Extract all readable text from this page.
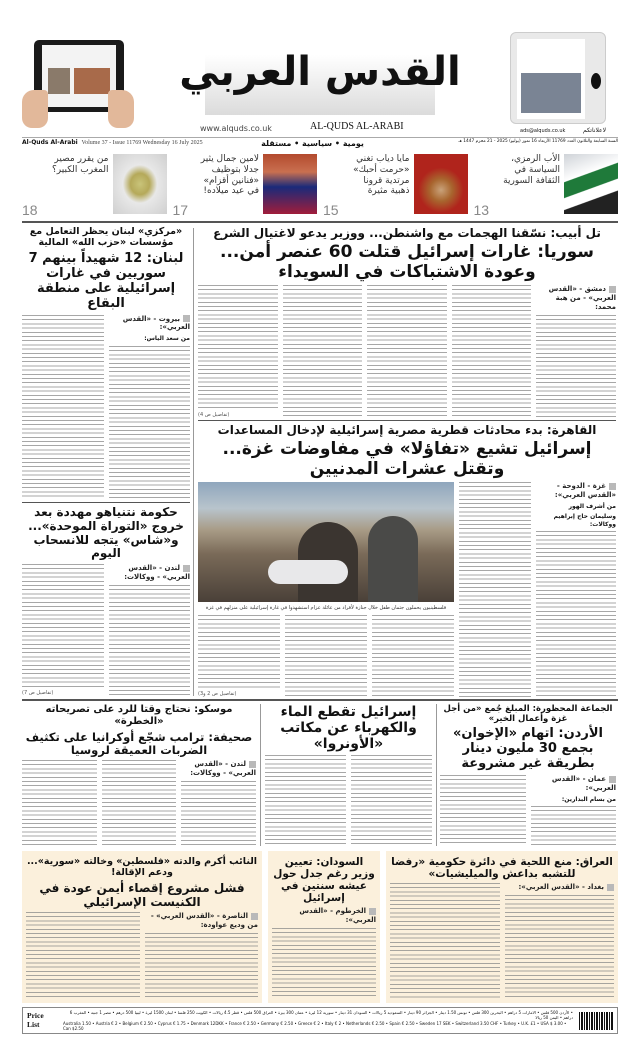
القدس العربي
www.alquds.co.uk	AL-QUDS AL-ARABI	ads@alquds.co.uk	لاعلاناتكم
Al-Quds Al-Arabi Volume 37 - Issue 11769 Wednesday 16 July 2025	يومية • سياسية • مستقلة	السنة السابعة والثلاثون العدد 11769 الأربعاء 16 تموز (يوليو) 2025 - 21 محرم 1447 هـ
الأب الرمزي، السياسة في الثقافة السورية
13
مايا دياب تغني «حرمت أحبك» مرتدية قرونا ذهبية مثيرة
15
لامين جمال يثير جدلا بتوظيف «فنانين أقزام» في عيد ميلاده!
17
من يقرر مصير المغرب الكبير؟
18
تل أبيب: نسّقنا الهجمات مع واشنطن... ووزير يدعو لاغتيال الشرع
سوريا: غارات إسرائيل قتلت 60 عنصر أمن... وعودة الاشتباكات في السويداء
دمشق - «القدس العربي» - من هبة محمد:
(تفاصيل ص 4)
«مركزي» لبنان يحظر التعامل مع مؤسسات «حزب الله» المالية
لبنان: 12 شهيداً بينهم 7 سوريين في غارات إسرائيلية على منطقة البقاع
بيروت - «القدس العربي»:
من سعد الياس:
حكومة نتنياهو مهددة بعد خروج «التوراة الموحدة»... و«شاس» يتجه للانسحاب اليوم
لندن - «القدس العربي» - ووكالات:
(تفاصيل ص 7)
القاهرة: بدء محادثات قطرية مصرية إسرائيلية لإدخال المساعدات
إسرائيل تشيع «تفاؤلا» في مفاوضات غزة... وتقتل عشرات المدنيين
غزة - الدوحة - «القدس العربي»:
من أشرف الهور
وسليمان حاج إبراهيم ووكالات:
فلسطينيون يحملون جثمان طفل خلال جنازة لأفراد من عائلة عزام استشهدوا في غارة إسرائيلية على منزلهم في غزة
(تفاصيل ص 2 و3)
الجماعة المحظورة: المبلغ جُمع «من أجل غزة وأعمال الخير»
الأردن: اتهام «الإخوان» بجمع 30 مليون دينار بطريقة غير مشروعة
عمان - «القدس العربي»:
من بسام البدارين:
إسرائيل تقطع الماء والكهرباء عن مكاتب «الأونروا»
موسكو: نحتاج وقتا للرد على تصريحاته «الخطرة»
صحيفة: ترامب شجّع أوكرانيا على تكثيف الضربات العميقة لروسيا
لندن - «القدس العربي» - ووكالات:
العراق: منع اللحية في دائرة حكومية «رفضا للتشبه بداعش والميليشيات»
بغداد - «القدس العربي»:
السودان: تعيين وزير رغم جدل حول عيشه سنتين في إسرائيل
الخرطوم - «القدس العربي»:
النائب أكرم والدته «فلسطين» وخالته «سورية»... ودعم الإقالة!
فشل مشروع إقصاء أيمن عودة في الكنيست الإسرائيلي
الناصرة - «القدس العربي» - من وديع عواودة:
Price List
• الأردن 500 فلس • الامارات 5 دراهم • البحرين 300 فلس • تونس 1.50 دينار • الجزائر 90 دينار • السعودية 5 ريالات • السودان 31 دينار • سورية 12 ليرة • عمان 300 بيزة • العراق 500 فلس • قطر 4.5 ريالات • الكويت 250 فلسا • لبنان 1500 ليرة • ليبيا 500 درهم • مصر 1 جنيه • المغرب 6 دراهم • اليمن 50 ريالا
Australia 1.50 • Austria € 2 • Belgium € 2.50 • Cyprus € 1.75 • Denmark 12DKK • France € 2.50 • Germany € 2.50 • Greece € 2 • Italy € 2 • Netherlands € 2.50 • Spain € 2.50 • Sweden 17 SEK • Switzerland 3.50 CHF • Turkey • U.K. £1 • USA $ 3.00 • Can $2.50
